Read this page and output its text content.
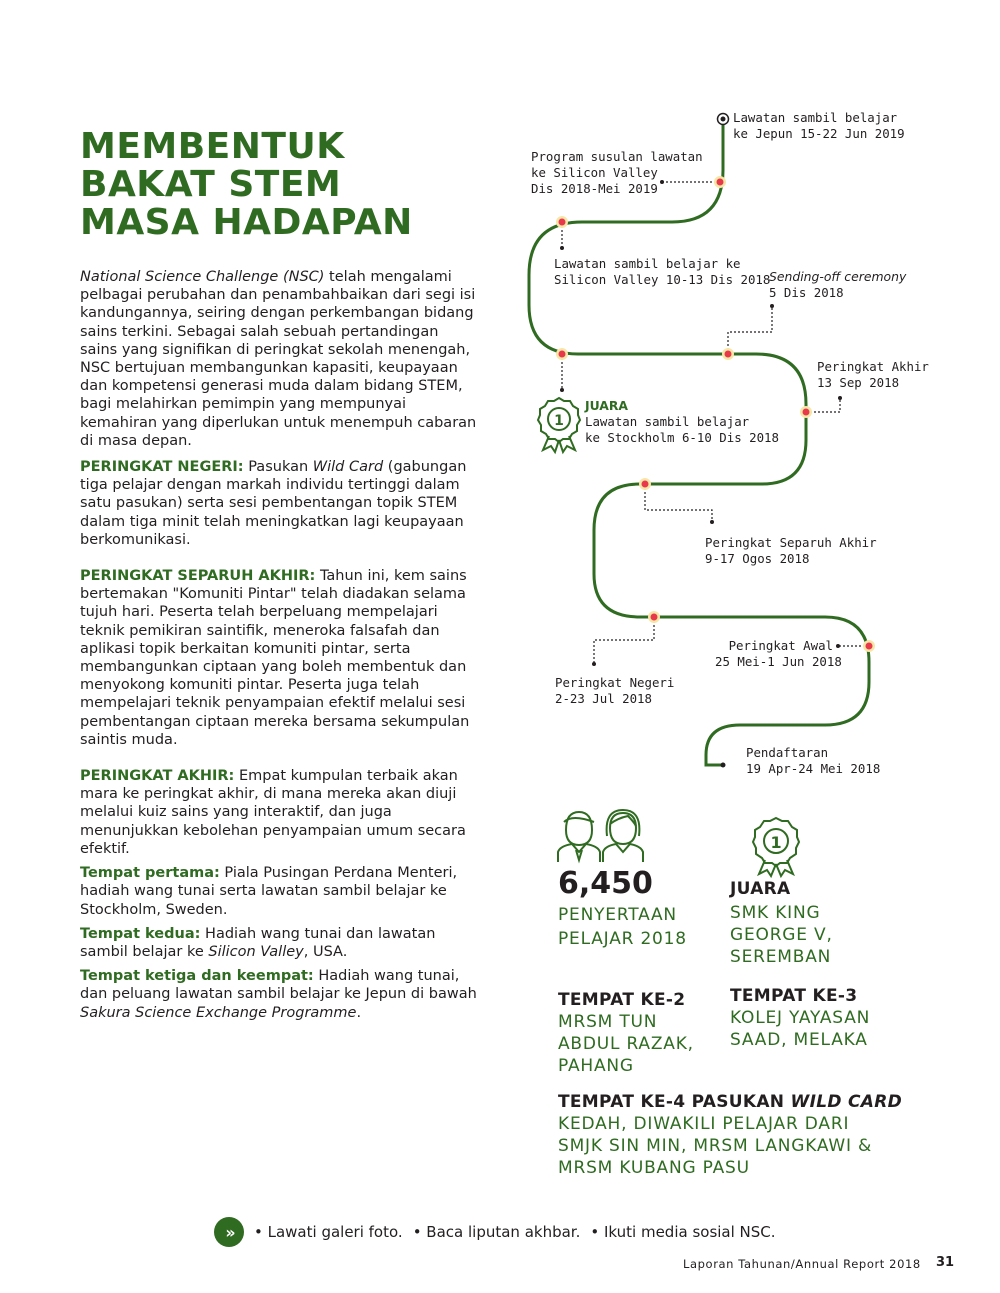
MEMBENTUK
BAKAT STEM
MASA HADAPAN

National Science Challenge (NSC) telah mengalami pelbagai perubahan dan penambahbaikan dari segi isi kandungannya, seiring dengan perkembangan bidang sains terkini. Sebagai salah sebuah pertandingan sains yang signifikan di peringkat sekolah menengah, NSC bertujuan membangunkan kapasiti, keupayaan dan kompetensi generasi muda dalam bidang STEM, bagi melahirkan pemimpin yang mempunyai kemahiran yang diperlukan untuk menempuh cabaran di masa depan.

PERINGKAT NEGERI: Pasukan Wild Card (gabungan tiga pelajar dengan markah individu tertinggi dalam satu pasukan) serta sesi pembentangan topik STEM dalam tiga minit telah meningkatkan lagi keupayaan berkomunikasi.

PERINGKAT SEPARUH AKHIR: Tahun ini, kem sains bertemakan "Komuniti Pintar" telah diadakan selama tujuh hari. Peserta telah berpeluang mempelajari teknik pemikiran saintifik, meneroka falsafah dan aplikasi topik berkaitan komuniti pintar, serta membangunkan ciptaan yang boleh membentuk dan menyokong komuniti pintar. Peserta juga telah mempelajari teknik penyampaian efektif melalui sesi pembentangan ciptaan mereka bersama sekumpulan saintis muda.

PERINGKAT AKHIR: Empat kumpulan terbaik akan mara ke peringkat akhir, di mana mereka akan diuji melalui kuiz sains yang interaktif, dan juga menunjukkan kebolehan penyampaian umum secara efektif.

Tempat pertama: Piala Pusingan Perdana Menteri, hadiah wang tunai serta lawatan sambil belajar ke Stockholm, Sweden.

Tempat kedua: Hadiah wang tunai dan lawatan sambil belajar ke Silicon Valley, USA.

Tempat ketiga dan keempat: Hadiah wang tunai, dan peluang lawatan sambil belajar ke Jepun di bawah Sakura Science Exchange Programme.

1
1
Lawatan sambil belajar
ke Jepun 15-22 Jun 2019
Program susulan lawatan
ke Silicon Valley
Dis 2018-Mei 2019
Lawatan sambil belajar ke
Silicon Valley 10-13 Dis 2018
Sending-off ceremony
5 Dis 2018
JUARA
Lawatan sambil belajar
ke Stockholm 6-10 Dis 2018
Peringkat Akhir
13 Sep 2018
Peringkat Separuh Akhir
9-17 Ogos 2018
Peringkat Awal
25 Mei-1 Jun 2018
Peringkat Negeri
2-23 Jul 2018
Pendaftaran
19 Apr-24 Mei 2018
6,450
PENYERTAAN
PELAJAR 2018
JUARA
SMK KING
GEORGE V,
SEREMBAN
TEMPAT KE-2
MRSM TUN
ABDUL RAZAK,
PAHANG
TEMPAT KE-3
KOLEJ YAYASAN
SAAD, MELAKA
TEMPAT KE-4 PASUKAN WILD CARD
KEDAH, DIWAKILI PELAJAR DARI
SMJK SIN MIN, MRSM LANGKAWI &
MRSM KUBANG PASU
››	• Lawati galeri foto. • Baca liputan akhbar. • Ikuti media sosial NSC.
Laporan Tahunan/Annual Report 2018 31
